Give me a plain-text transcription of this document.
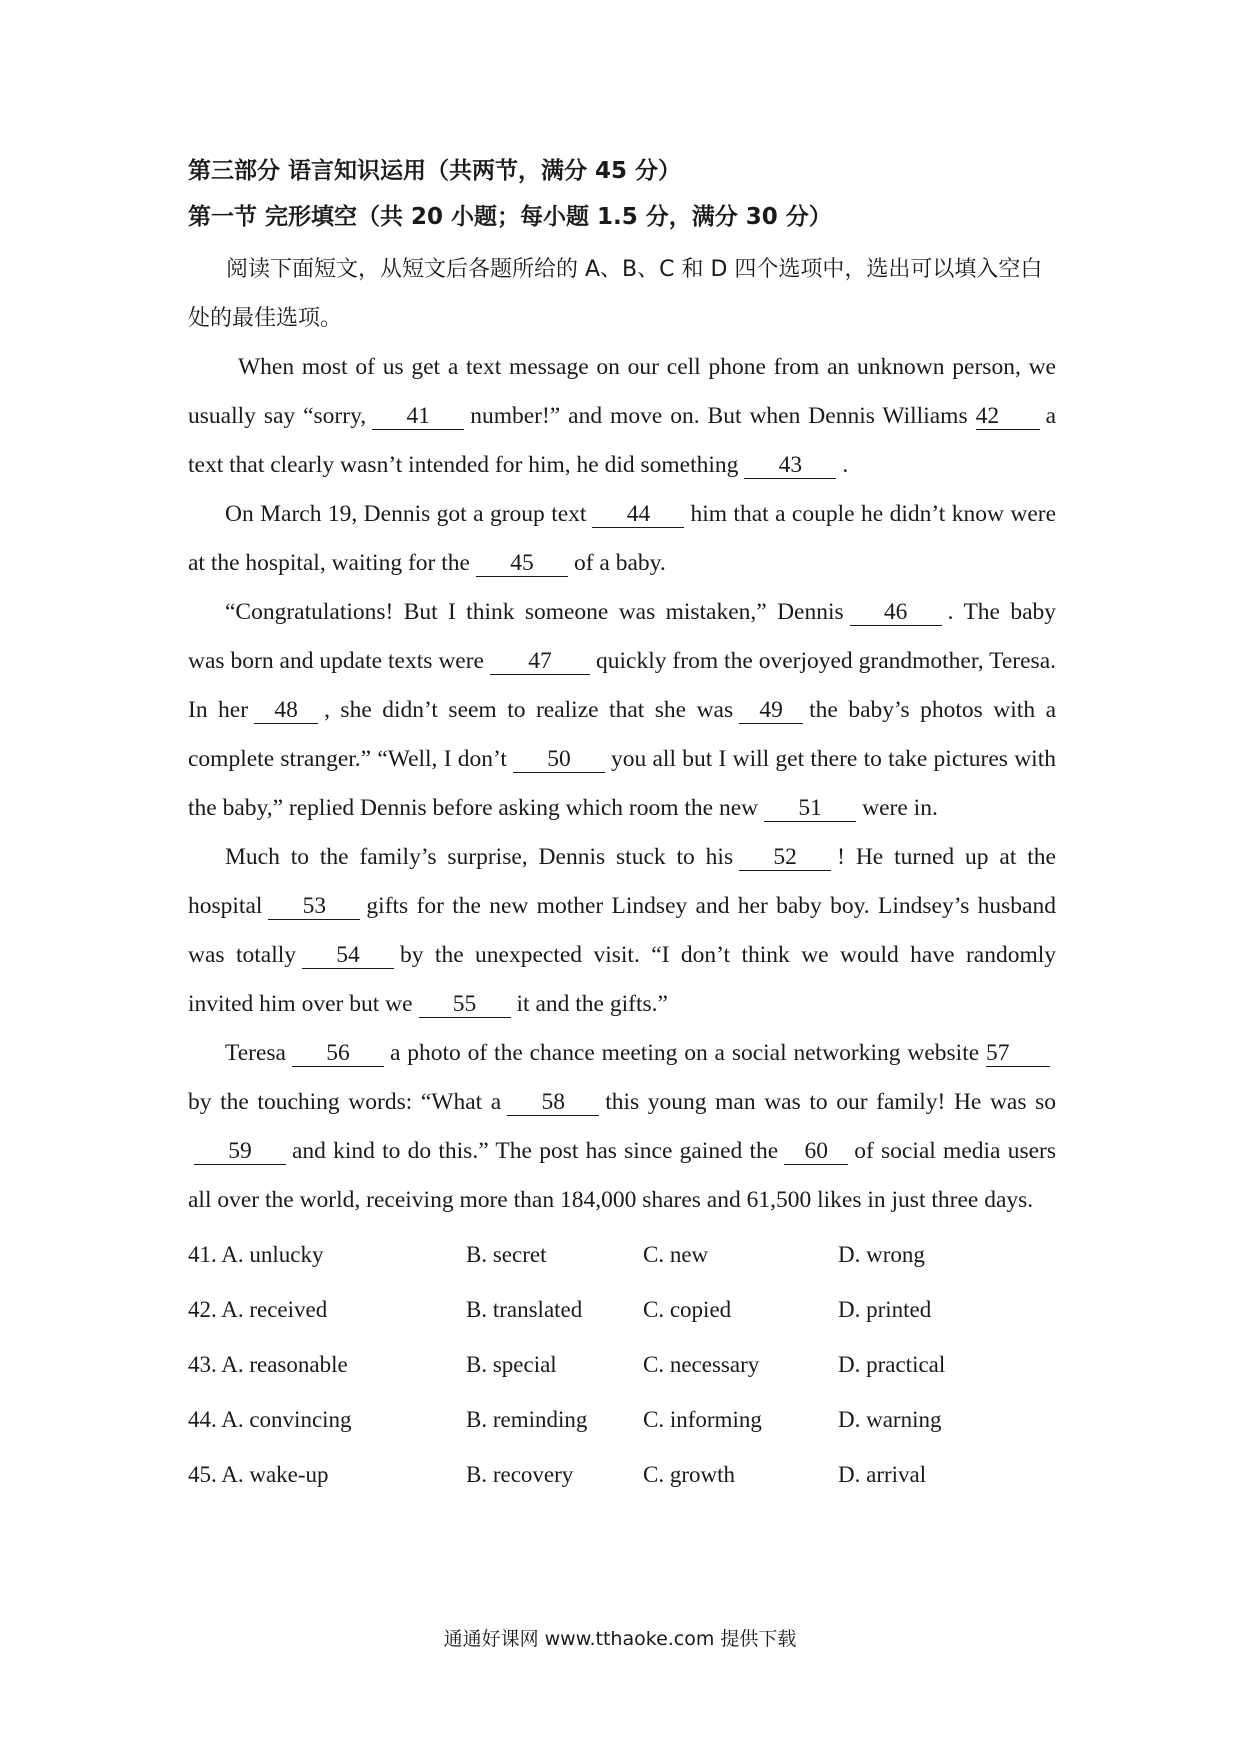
第三部分 语言知识运用（共两节，满分 45 分）
第一节 完形填空（共 20 小题；每小题 1.5 分，满分 30 分）

阅读下面短文，从短文后各题所给的 A、B、C 和 D 四个选项中，选出可以填入空白处的最佳选项。

When most of us get a text message on our cell phone from an unknown person, we usually say “sorry, 41 number!” and move on. But when Dennis Williams 42 a text that clearly wasn’t intended for him, he did something 43 .

On March 19, Dennis got a group text 44 him that a couple he didn’t know were at the hospital, waiting for the 45 of a baby.

“Congratulations! But I think someone was mistaken,” Dennis 46 . The baby was born and update texts were 47 quickly from the overjoyed grandmother, Teresa. In her 48 , she didn’t seem to realize that she was 49 the baby’s photos with a complete stranger.” “Well, I don’t 50 you all but I will get there to take pictures with the baby,” replied Dennis before asking which room the new 51 were in.

Much to the family’s surprise, Dennis stuck to his 52 ! He turned up at the hospital 53 gifts for the new mother Lindsey and her baby boy. Lindsey’s husband was totally 54 by the unexpected visit. “I don’t think we would have randomly invited him over but we 55 it and the gifts.”

Teresa 56 a photo of the chance meeting on a social networking website 57by the touching words: “What a 58 this young man was to our family! He was so59 and kind to do this.” The post has since gained the 60 of social media users all over the world, receiving more than 184,000 shares and 61,500 likes in just three days.

41. A. unlucky	B. secret	C. new	D. wrong
42. A. received	B. translated	C. copied	D. printed
43. A. reasonable	B. special	C. necessary	D. practical
44. A. convincing	B. reminding C. informing	D. warning
45. A. wake-up	B. recovery	C. growth	D. arrival
通通好课网 www.tthaoke.com 提供下载
